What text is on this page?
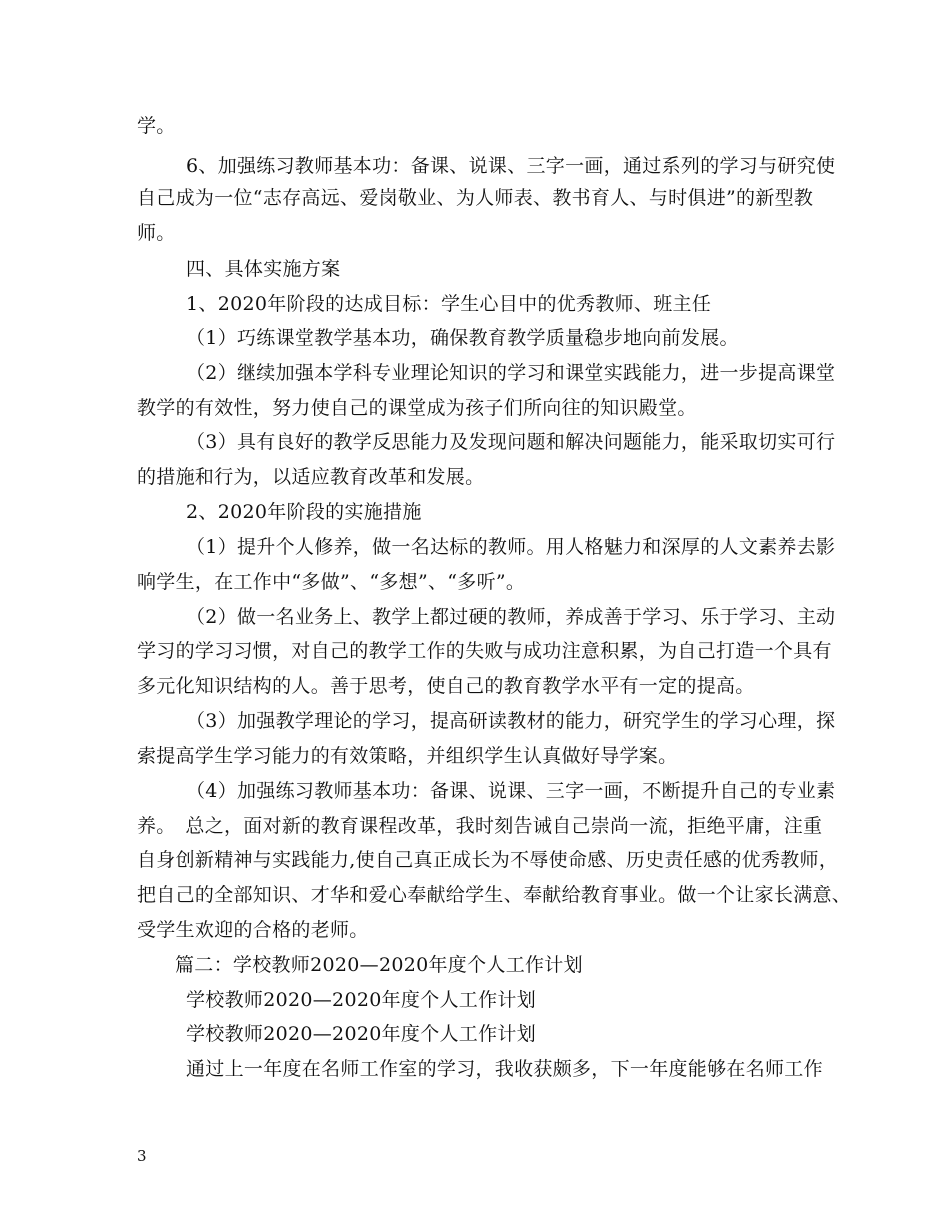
学。
6、加强练习教师基本功：备课、说课、三字一画，通过系列的学习与研究使
自己成为一位“志存高远、爱岗敬业、为人师表、教书育人、与时俱进”的新型教
师。
四、具体实施方案
1、2020年阶段的达成目标：学生心目中的优秀教师、班主任
（1）巧练课堂教学基本功，确保教育教学质量稳步地向前发展。
（2）继续加强本学科专业理论知识的学习和课堂实践能力，进一步提高课堂
教学的有效性，努力使自己的课堂成为孩子们所向往的知识殿堂。
（3）具有良好的教学反思能力及发现问题和解决问题能力，能采取切实可行
的措施和行为，以适应教育改革和发展。
2、2020年阶段的实施措施
（1）提升个人修养，做一名达标的教师。用人格魅力和深厚的人文素养去影
响学生，在工作中“多做”、“多想”、“多听”。
（2）做一名业务上、教学上都过硬的教师，养成善于学习、乐于学习、主动
学习的学习习惯，对自己的教学工作的失败与成功注意积累，为自己打造一个具有
多元化知识结构的人。善于思考，使自己的教育教学水平有一定的提高。
（3）加强教学理论的学习，提高研读教材的能力，研究学生的学习心理，探
索提高学生学习能力的有效策略，并组织学生认真做好导学案。
（4）加强练习教师基本功：备课、说课、三字一画，不断提升自己的专业素
养。　总之，面对新的教育课程改革，我时刻告诫自己崇尚一流，拒绝平庸，注重
自身创新精神与实践能力,使自己真正成长为不辱使命感、历史责任感的优秀教师，
把自己的全部知识、才华和爱心奉献给学生、奉献给教育事业。做一个让家长满意、
受学生欢迎的合格的老师。
篇二：学校教师2020—2020年度个人工作计划
学校教师2020—2020年度个人工作计划
学校教师2020—2020年度个人工作计划
通过上一年度在名师工作室的学习，我收获颇多，下一年度能够在名师工作
3
